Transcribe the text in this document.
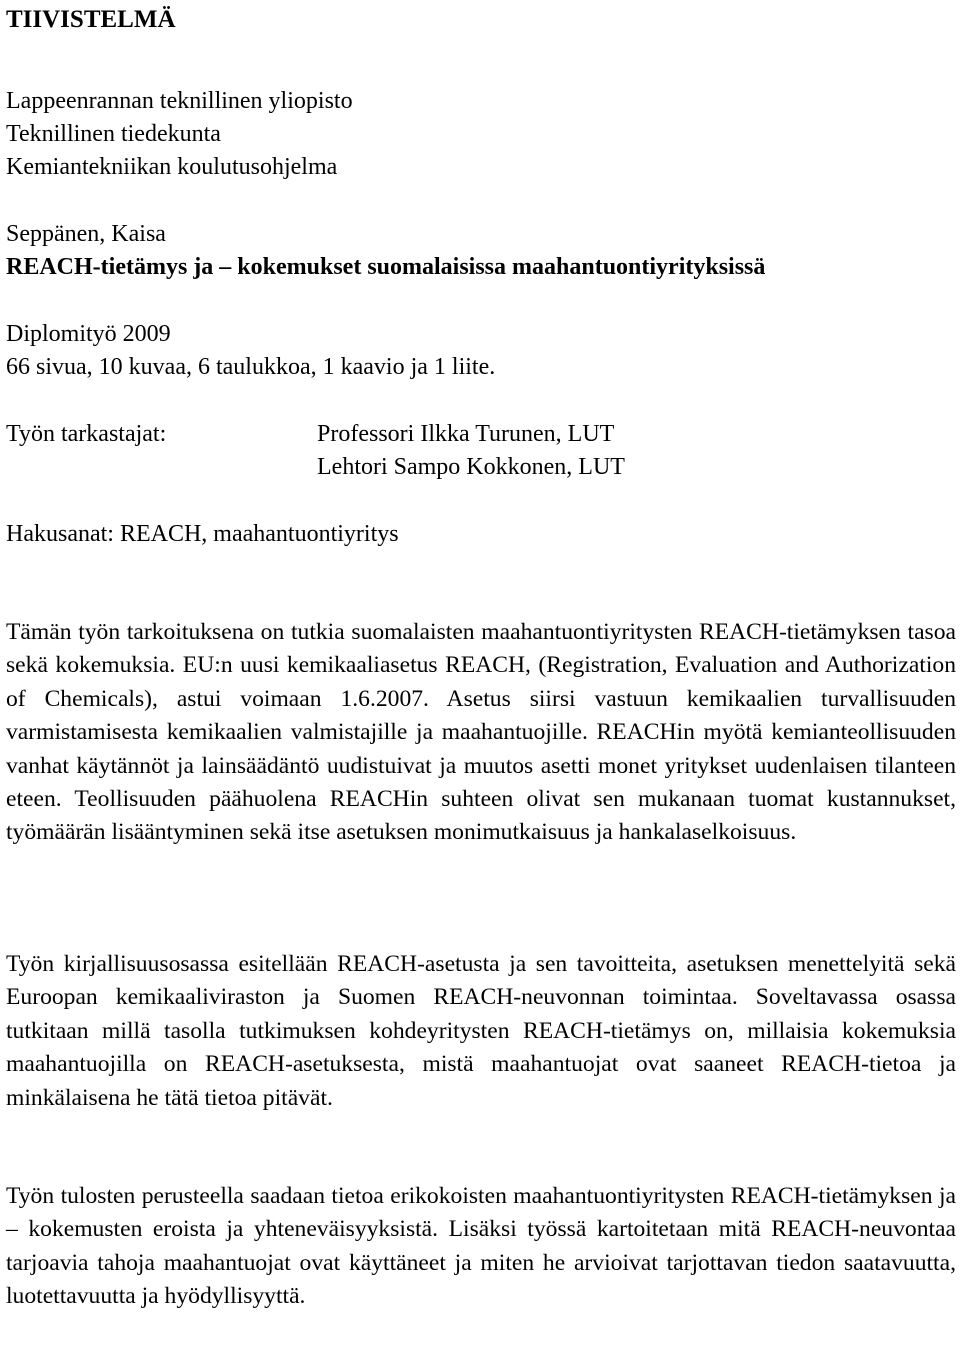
TIIVISTELMÄ
Lappeenrannan teknillinen yliopisto
Teknillinen tiedekunta
Kemiantekniikan koulutusohjelma
Seppänen, Kaisa
REACH-tietämys ja – kokemukset suomalaisissa maahantuontiyrityksissä
Diplomityö 2009
66 sivua, 10 kuvaa, 6 taulukkoa, 1 kaavio ja 1 liite.
Työn tarkastajat:	Professori Ilkka Turunen, LUT
Lehtori Sampo Kokkonen, LUT
Hakusanat: REACH, maahantuontiyritys

Tämän työn tarkoituksena on tutkia suomalaisten maahantuontiyritysten REACH-tietämyksen tasoa sekä kokemuksia. EU:n uusi kemikaaliasetus REACH, (Registration, Evaluation and Authorization of Chemicals), astui voimaan 1.6.2007. Asetus siirsi vastuun kemikaalien turvallisuuden varmistamisesta kemikaalien valmistajille ja maahantuojille. REACHin myötä kemianteollisuuden vanhat käytännöt ja lainsäädäntö uudistuivat ja muutos asetti monet yritykset uudenlaisen tilanteen eteen. Teollisuuden päähuolena REACHin suhteen olivat sen mukanaan tuomat kustannukset, työmäärän lisääntyminen sekä itse asetuksen monimutkaisuus ja hankalaselkoisuus.

Työn kirjallisuusosassa esitellään REACH-asetusta ja sen tavoitteita, asetuksen menettelyitä sekä Euroopan kemikaaliviraston ja Suomen REACH-neuvonnan toimintaa. Soveltavassa osassa tutkitaan millä tasolla tutkimuksen kohdeyritysten REACH-tietämys on, millaisia kokemuksia maahantuojilla on REACH-asetuksesta, mistä maahantuojat ovat saaneet REACH-tietoa ja minkälaisena he tätä tietoa pitävät.

Työn tulosten perusteella saadaan tietoa erikokoisten maahantuontiyritysten REACH-tietämyksen ja – kokemusten eroista ja yhteneväisyyksistä. Lisäksi työssä kartoitetaan mitä REACH-neuvontaa tarjoavia tahoja maahantuojat ovat käyttäneet ja miten he arvioivat tarjottavan tiedon saatavuutta, luotettavuutta ja hyödyllisyyttä.
